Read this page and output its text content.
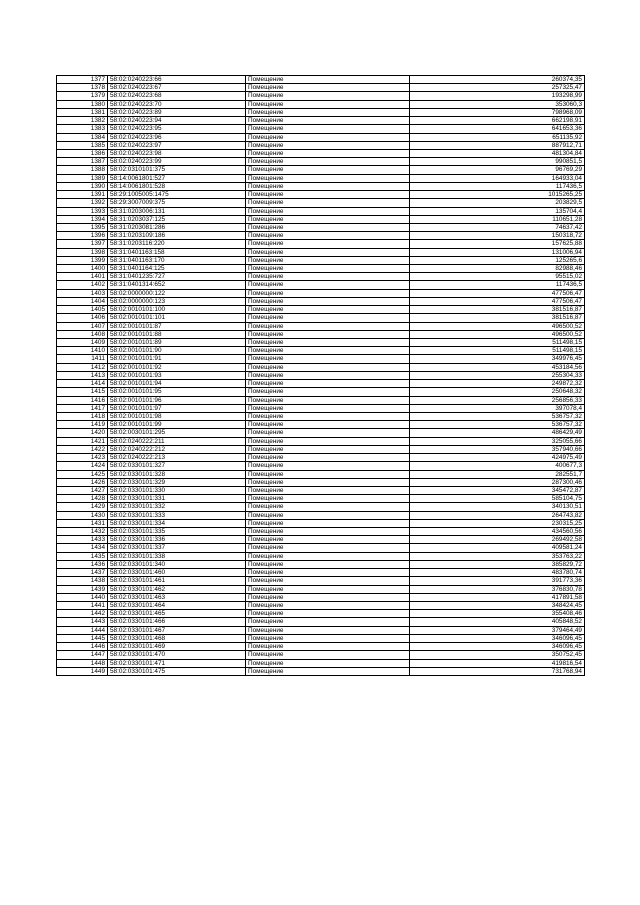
1377	58:02:0240223:66	Помещение	260374,35
1378	58:02:0240223:67	Помещение	257325,47
1379	58:02:0240223:68	Помещение	193298,99
1380	58:02:0240223:70	Помещение	353060,3
1381	58:02:0240223:89	Помещение	798968,09
1382	58:02:0240223:94	Помещение	662198,91
1383	58:02:0240223:95	Помещение	641653,36
1384	58:02:0240223:96	Помещение	651135,92
1385	58:02:0240223:97	Помещение	887912,71
1386	58:02:0240223:98	Помещение	481304,84
1387	58:02:0240223:99	Помещение	990851,5
1388	58:02:0310101:375	Помещение	96769,29
1389	58:14:0061801:527	Помещение	164933,04
1390	58:14:0061801:528	Помещение	117436,5
1391	58:29:1005005:1475	Помещение	1015265,25
1392	58:29:3007009:375	Помещение	203829,5
1393	58:31:0203006:131	Помещение	135704,4
1394	58:31:0203037:125	Помещение	110651,28
1395	58:31:0203081:286	Помещение	74637,42
1396	58:31:0203109:186	Помещение	150318,72
1397	58:31:0203116:220	Помещение	157625,88
1398	58:31:0401163:158	Помещение	131006,94
1399	58:31:0401163:170	Помещение	125265,6
1400	58:31:0401164:125	Помещение	82988,46
1401	58:31:0401235:727	Помещение	95515,02
1402	58:31:0401314:652	Помещение	117436,5
1403	58:02:0000000:122	Помещение	477506,47
1404	58:02:0000000:123	Помещение	477506,47
1405	58:02:0010101:100	Помещение	381516,87
1406	58:02:0010101:101	Помещение	381516,87
1407	58:02:0010101:87	Помещение	496500,52
1408	58:02:0010101:88	Помещение	496500,52
1409	58:02:0010101:89	Помещение	511498,15
1410	58:02:0010101:90	Помещение	511498,15
1411	58:02:0010101:91	Помещение	349976,45
1412	58:02:0010101:92	Помещение	453184,56
1413	58:02:0010101:93	Помещение	255304,33
1414	58:02:0010101:94	Помещение	249872,32
1415	58:02:0010101:95	Помещение	250648,32
1416	58:02:0010101:96	Помещение	256856,33
1417	58:02:0010101:97	Помещение	397078,4
1418	58:02:0010101:98	Помещение	536757,32
1419	58:02:0010101:99	Помещение	536757,32
1420	58:02:0030101:295	Помещение	486429,49
1421	58:02:0240222:211	Помещение	325055,66
1422	58:02:0240222:212	Помещение	357940,66
1423	58:02:0240222:213	Помещение	424975,49
1424	58:02:0330101:327	Помещение	400677,3
1425	58:02:0330101:328	Помещение	282551,7
1426	58:02:0330101:329	Помещение	287300,46
1427	58:02:0330101:330	Помещение	345472,87
1428	58:02:0330101:331	Помещение	585104,75
1429	58:02:0330101:332	Помещение	340130,51
1430	58:02:0330101:333	Помещение	264743,82
1431	58:02:0330101:334	Помещение	230315,25
1432	58:02:0330101:335	Помещение	434560,56
1433	58:02:0330101:336	Помещение	269492,58
1434	58:02:0330101:337	Помещение	409581,24
1435	58:02:0330101:338	Помещение	353763,22
1436	58:02:0330101:340	Помещение	385829,72
1437	58:02:0330101:460	Помещение	483780,74
1438	58:02:0330101:461	Помещение	391773,36
1439	58:02:0330101:462	Помещение	376830,78
1440	58:02:0330101:463	Помещение	417891,58
1441	58:02:0330101:464	Помещение	348424,45
1442	58:02:0330101:465	Помещение	355408,46
1443	58:02:0330101:466	Помещение	405848,52
1444	58:02:0330101:467	Помещение	379464,49
1445	58:02:0330101:468	Помещение	346096,45
1446	58:02:0330101:469	Помещение	346096,45
1447	58:02:0330101:470	Помещение	350752,45
1448	58:02:0330101:471	Помещение	419816,54
1449	58:02:0330101:475	Помещение	731768,94
